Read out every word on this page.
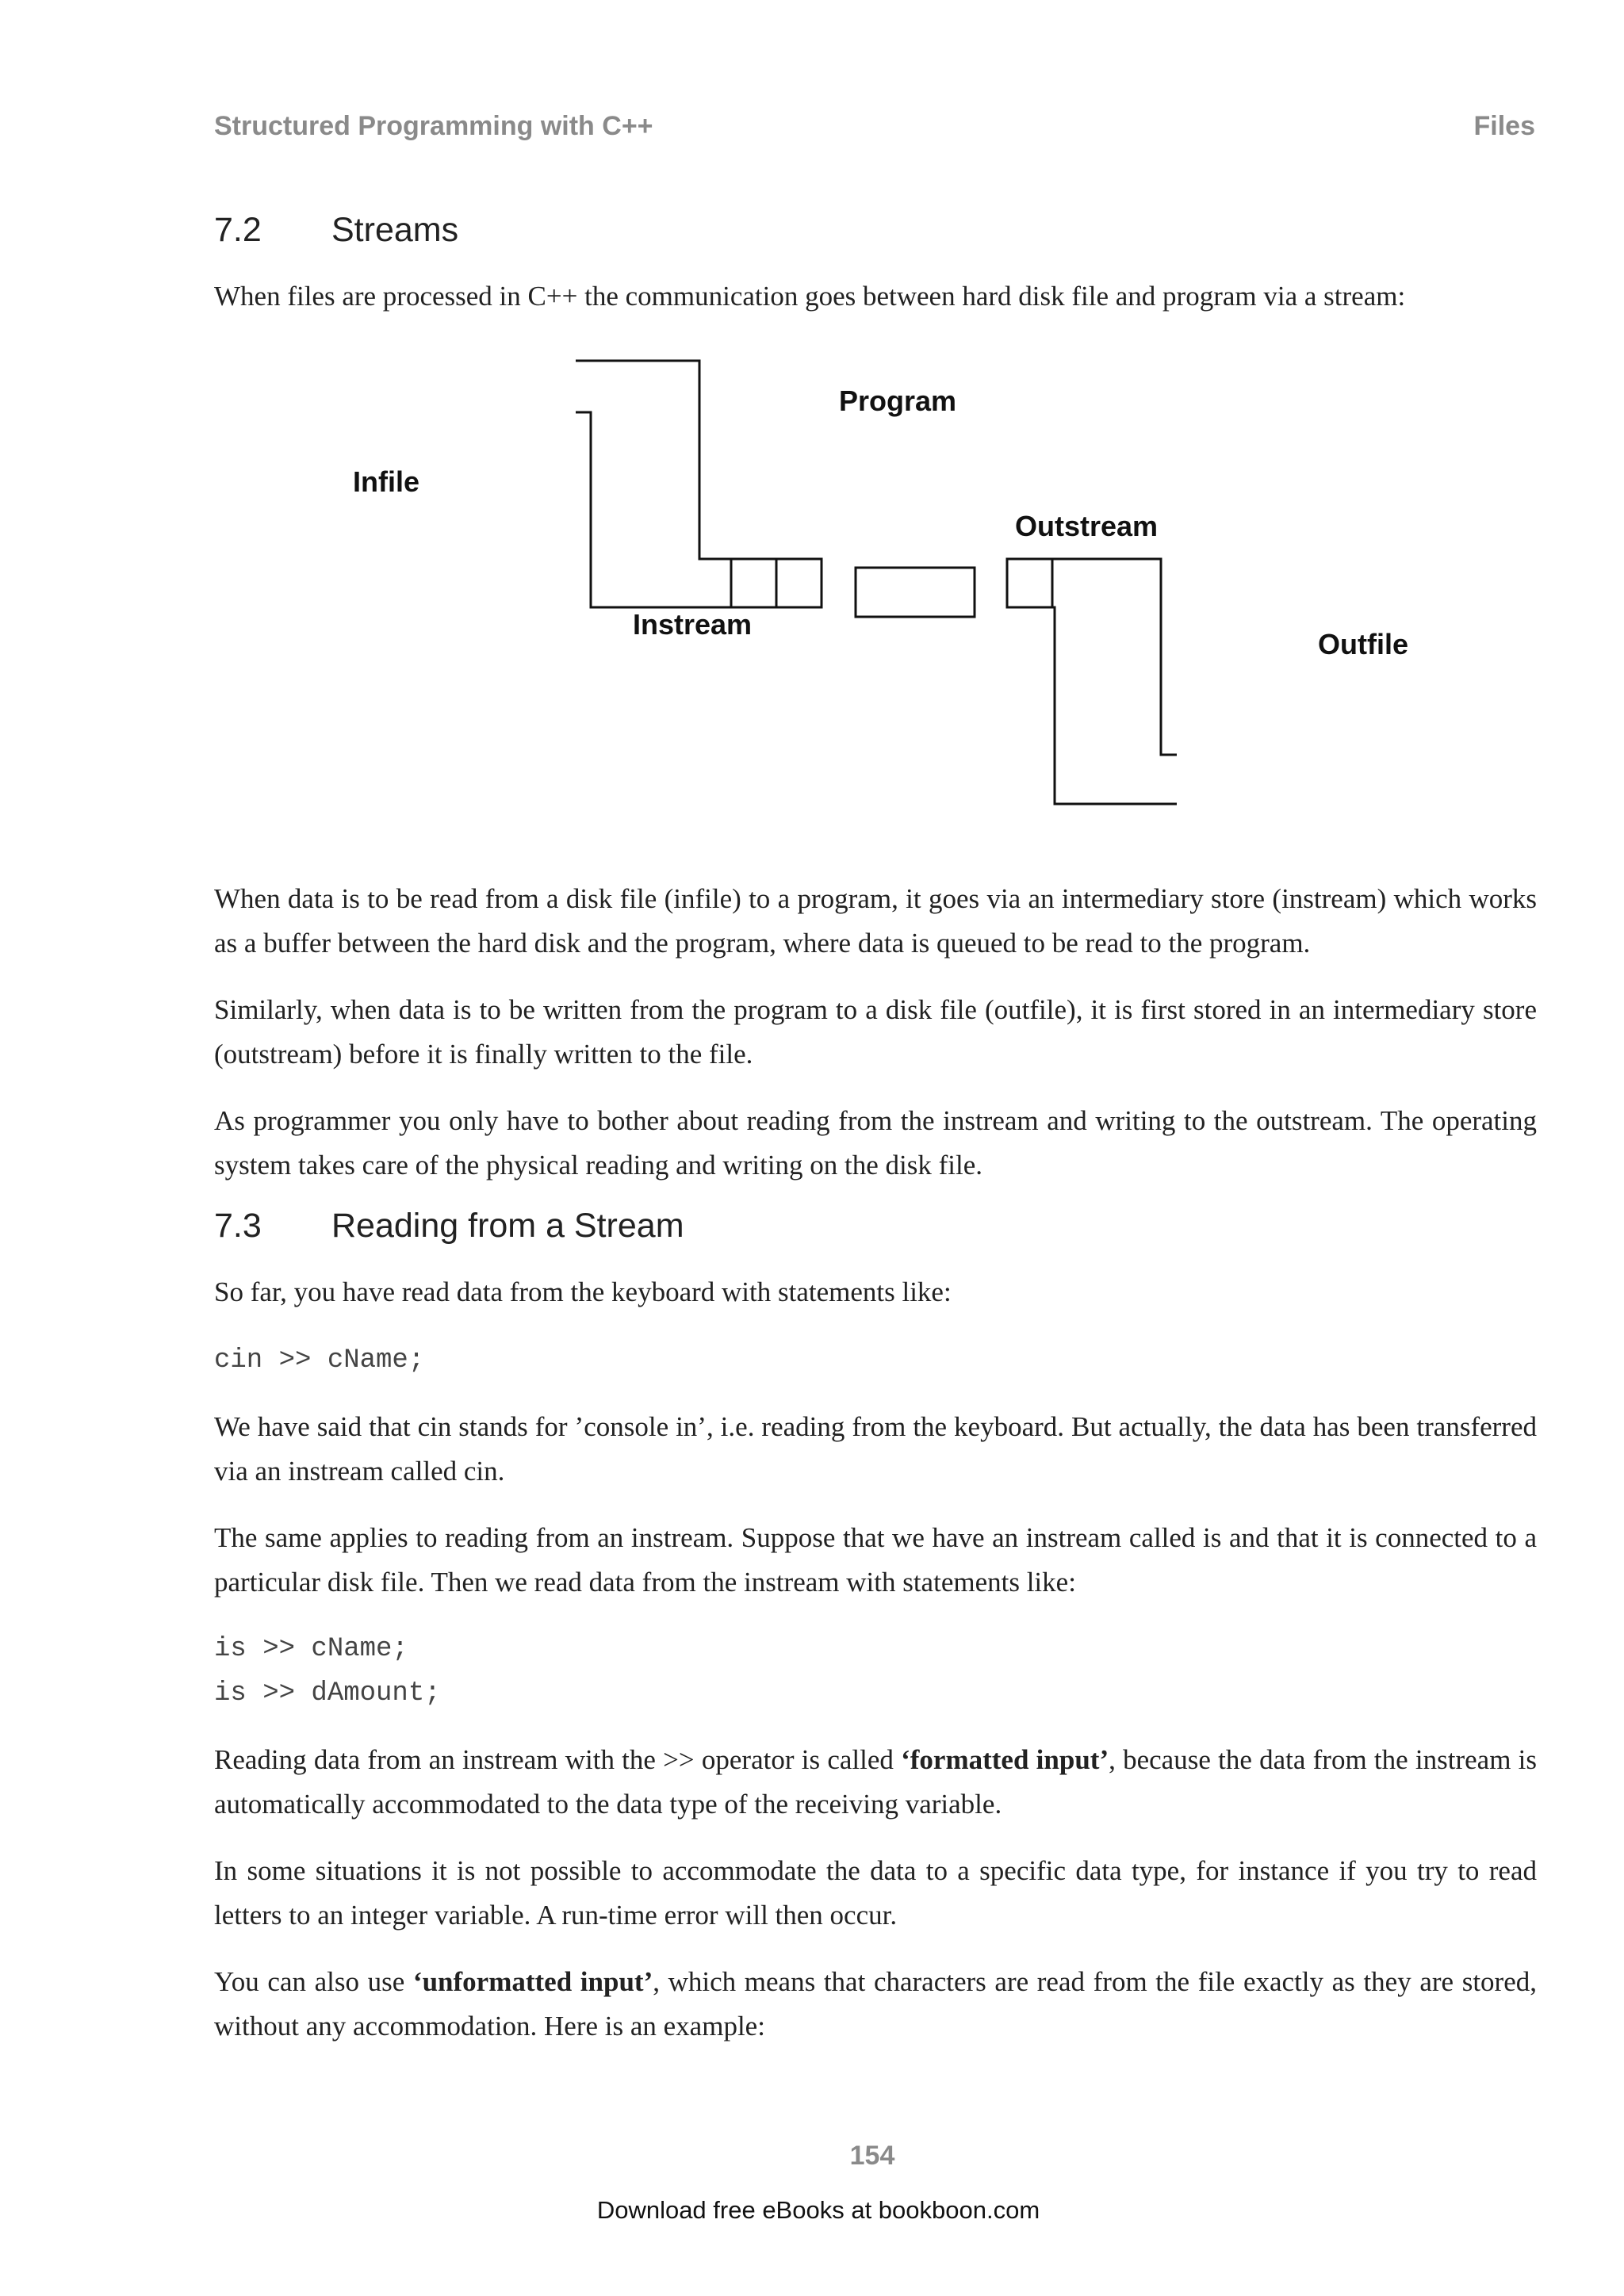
Structured Programming with C++	Files
7.2 Streams
When files are processed in C++ the communication goes between hard disk file and program via a stream:
Program
Infile
Outstream
Instream
Outfile
When data is to be read from a disk file (infile) to a program, it goes via an intermediary store (instream) which works as a buffer between the hard disk and the program, where data is queued to be read to the program.
Similarly, when data is to be written from the program to a disk file (outfile), it is first stored in an intermediary store (outstream) before it is finally written to the file.
As programmer you only have to bother about reading from the instream and writing to the outstream. The operating system takes care of the physical reading and writing on the disk file.
7.3 Reading from a Stream
So far, you have read data from the keyboard with statements like:
cin >> cName;
We have said that cin stands for ’console in’, i.e. reading from the keyboard. But actually, the data has been transferred via an instream called cin.
The same applies to reading from an instream. Suppose that we have an instream called is and that it is connected to a particular disk file. Then we read data from the instream with statements like:
is >> cName;
is >> dAmount;
Reading data from an instream with the >> operator is called ‘formatted input’, because the data from the instream is automatically accommodated to the data type of the receiving variable.
In some situations it is not possible to accommodate the data to a specific data type, for instance if you try to read letters to an integer variable. A run-time error will then occur.
You can also use ‘unformatted input’, which means that characters are read from the file exactly as they are stored, without any accommodation. Here is an example:
154
Download free eBooks at bookboon.com
